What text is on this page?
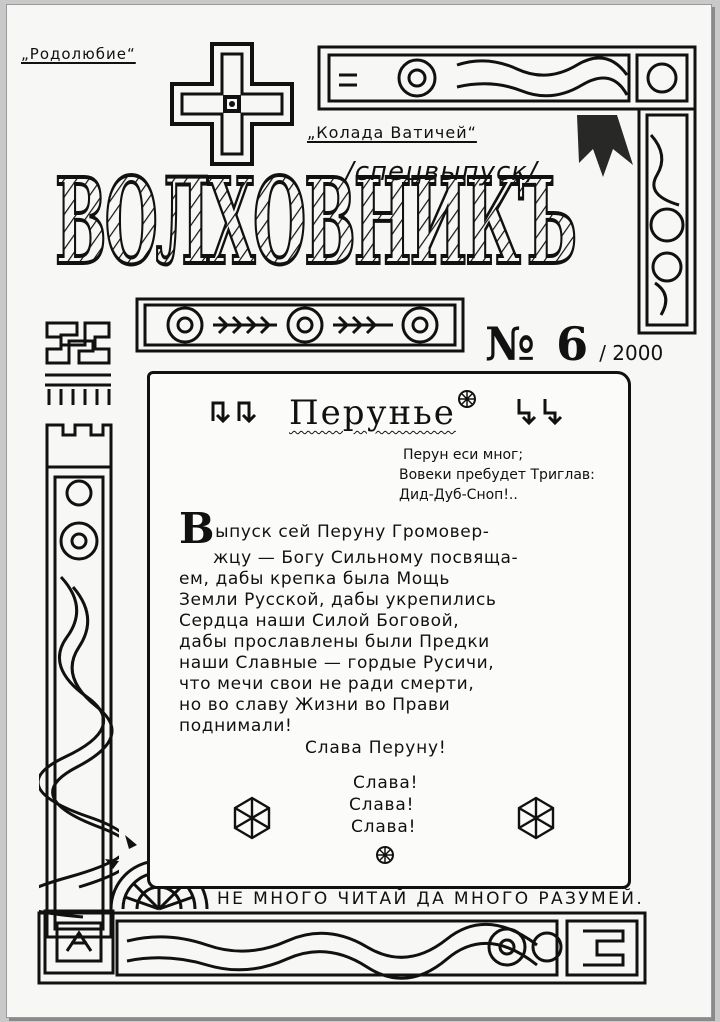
„Родолюбие“
„Колада Ватичей“
/спецвыпуск/
ВОЛХОВНИКЪ
№ 6 / 2000
Перунье
Перун еси мног;
Вовеки пребудет Триглав:
Дид-Дуб-Сноп!..
Выпуск сей Перуну Громовер-
жцу — Богу Сильному посвяща-
ем, дабы крепка была Мощь
Земли Русской, дабы укрепились
Сердца наши Силой Боговой,
дабы прославлены были Предки
наши Славные — гордые Русичи,
что мечи свои не ради смерти,
но во славу Жизни во Прави
поднимали!
Слава Перуну!
Слава!
Слава!
Слава!
НЕ МНОГО ЧИТАЙ ДА МНОГО РАЗУМЕЙ.
